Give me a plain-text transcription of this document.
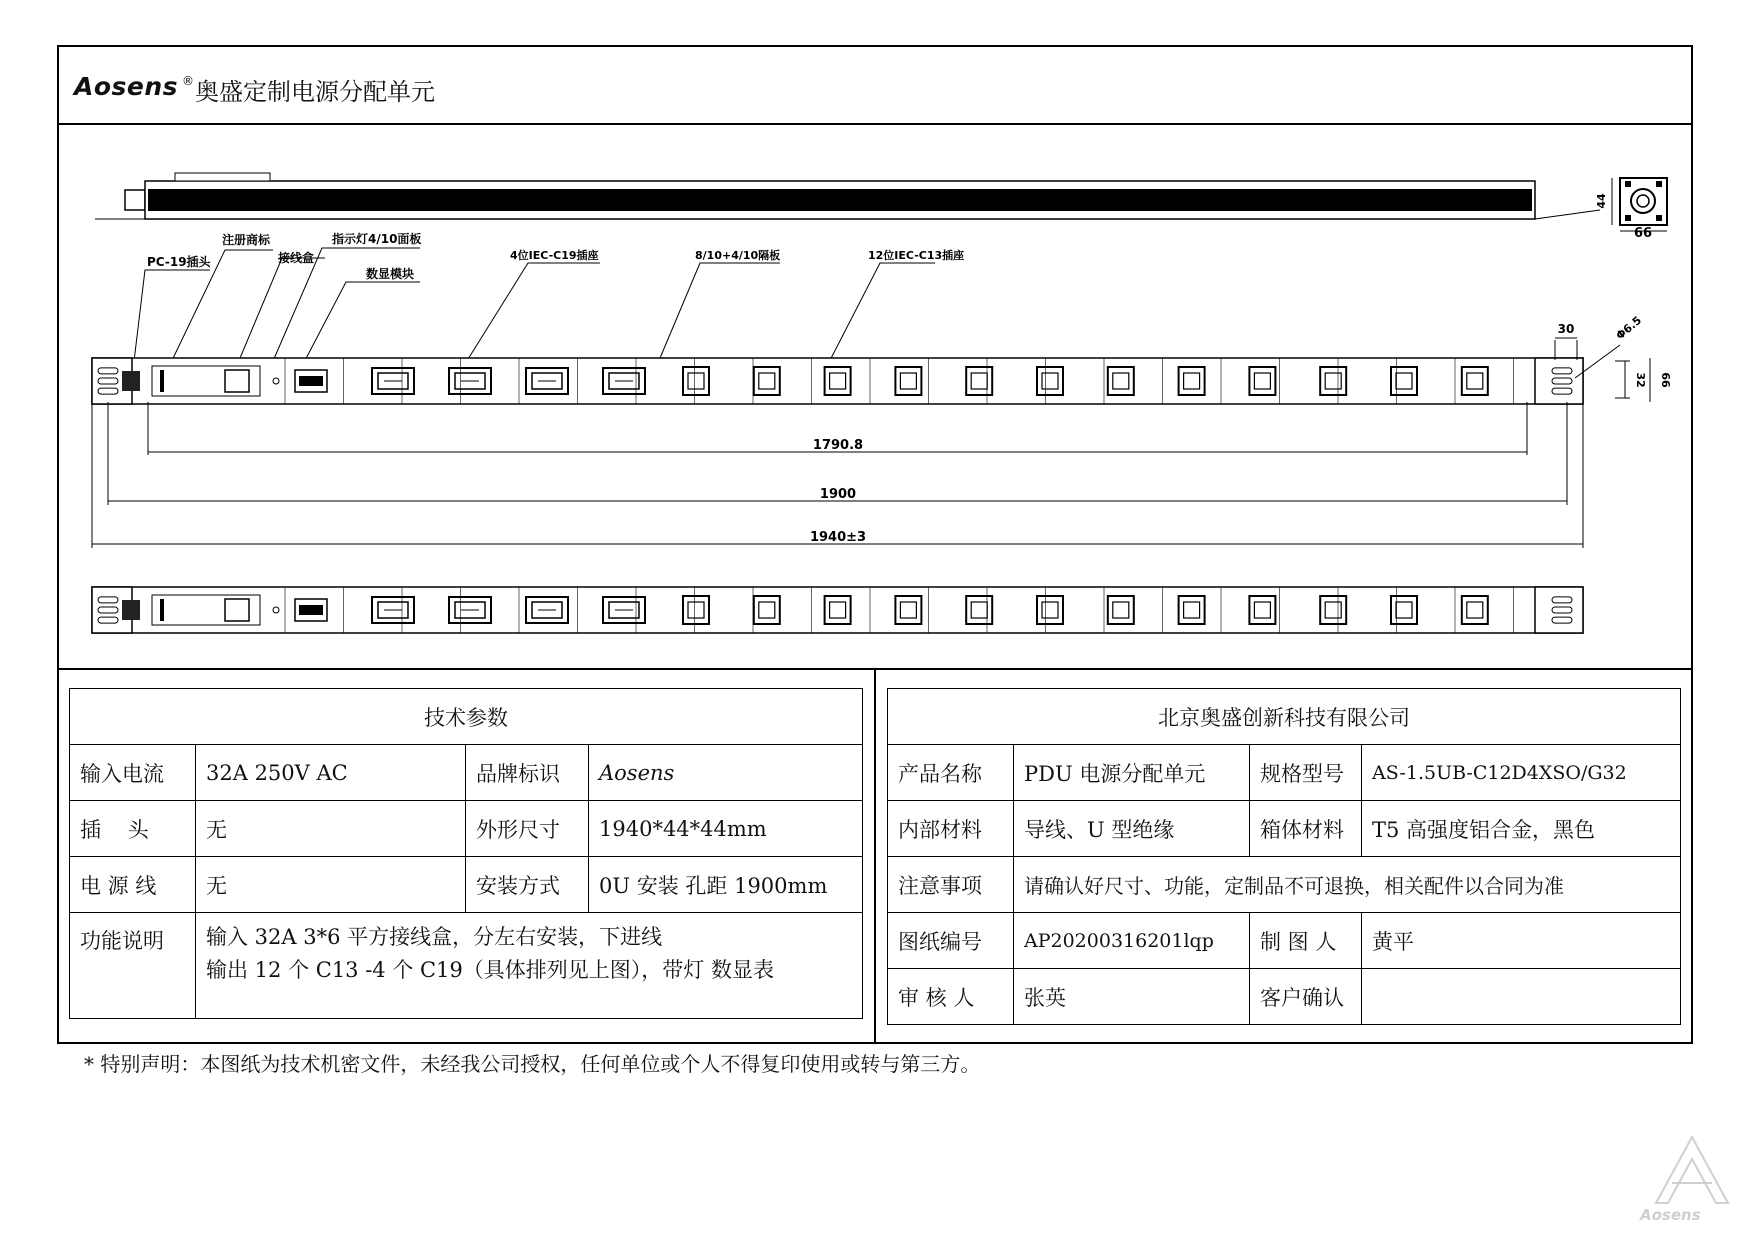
Aosens ® 奥盛定制电源分配单元
44
66
PC-19插头
注册商标
接线盒
指示灯4/10面板
数显模块
4位IEC-C19插座	8/10+4/10隔板	12位IEC-C13插座
1790.8
1900
1940±3
30	Φ6.5
32 66
技术参数			
输入电流	32A 250V AC	品牌标识	Aosens
插    头	无	外形尺寸	1940*44*44mm
电 源 线	无	安装方式	0U 安装 孔距 1900mm
功能说明	输入 32A 3*6 平方接线盒，分左右安装，下进线
输出 12 个 C13 -4 个 C19（具体排列见上图），带灯 数显表		
北京奥盛创新科技有限公司			
产品名称	PDU 电源分配单元	规格型号	AS-1.5UB-C12D4XSO/G32
内部材料	导线、U 型绝缘	箱体材料	T5 高强度铝合金，黑色
注意事项	请确认好尺寸、功能，定制品不可退换，相关配件以合同为准		
图纸编号	AP20200316201lqp	制 图 人	黄平
审 核 人	张英	客户确认	
* 特别声明：本图纸为技术机密文件，未经我公司授权，任何单位或个人不得复印使用或转与第三方。
Aosens
